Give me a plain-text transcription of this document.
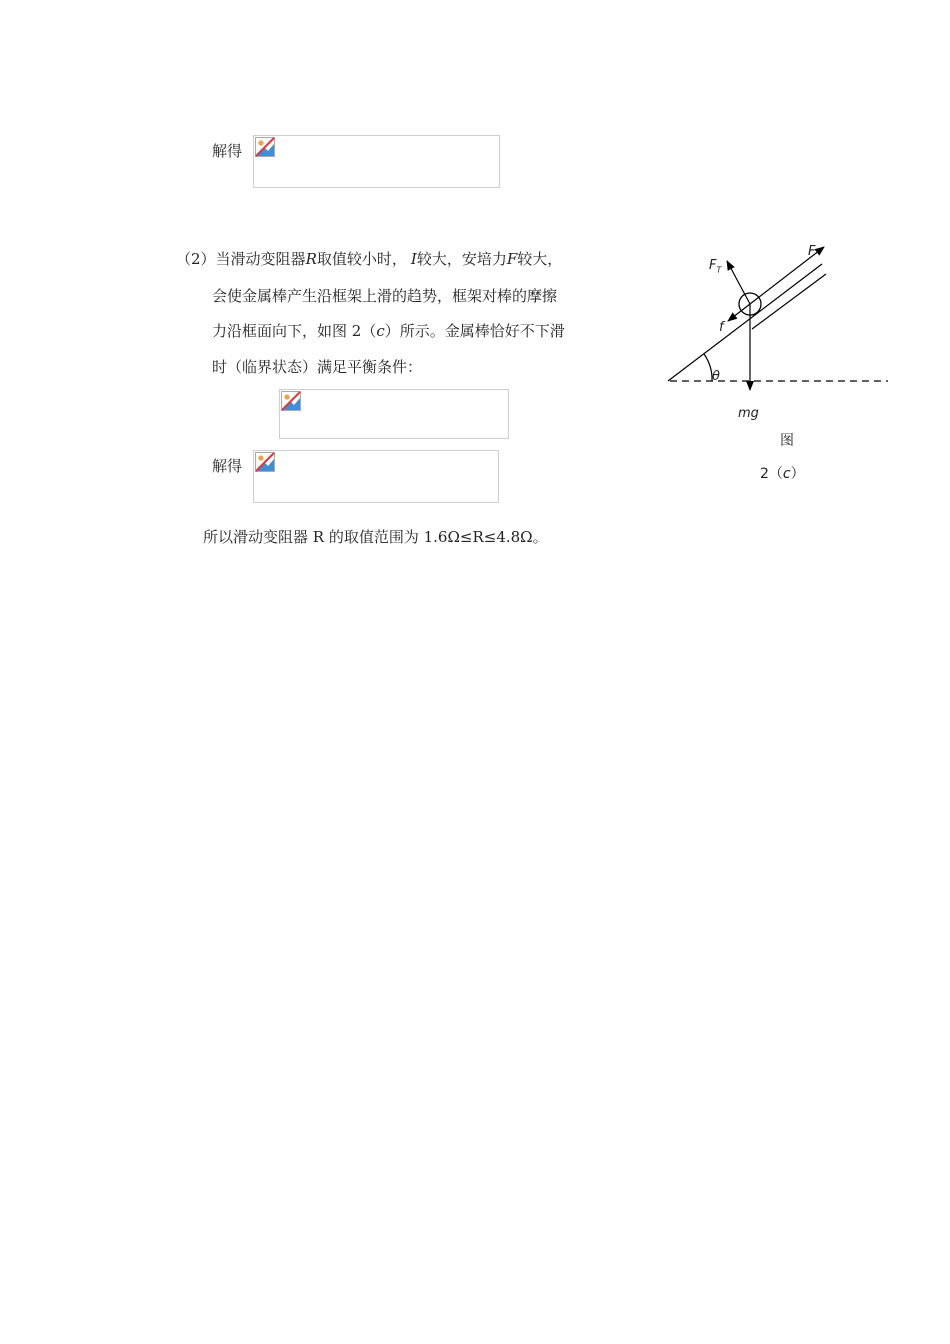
解得
（2）当滑动变阻器R取值较小时， I较大，安培力F较大，
会使金属棒产生沿框架上滑的趋势，框架对棒的摩擦
力沿框面向下，如图 2（c）所示。金属棒恰好不下滑
时（临界状态）满足平衡条件：
解得
所以滑动变阻器 R 的取值范围为 1.6Ω≤R≤4.8Ω。
$F_T$
F
f
θ
mg
图
2（c）
